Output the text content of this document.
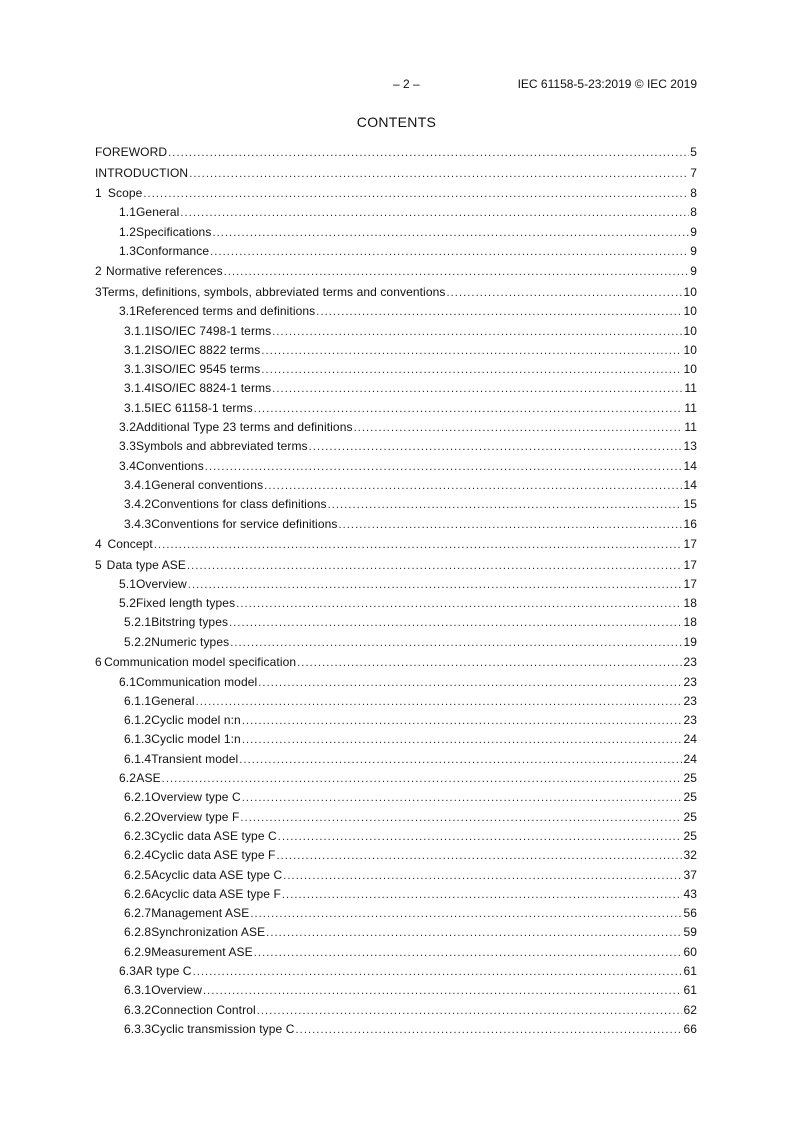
– 2 –	IEC 61158-5-23:2019 © IEC 2019
CONTENTS
FOREWORD .....	5
INTRODUCTION .....	7
1 Scope .....	8
1.1 General .....	8
1.2 Specifications .....	9
1.3 Conformance .....	9
2 Normative references .....	9
3 Terms, definitions, symbols, abbreviated terms and conventions .....	10
3.1 Referenced terms and definitions .....	10
3.1.1 ISO/IEC 7498-1 terms .....	10
3.1.2 ISO/IEC 8822 terms .....	10
3.1.3 ISO/IEC 9545 terms .....	10
3.1.4 ISO/IEC 8824-1 terms .....	11
3.1.5 IEC 61158-1 terms .....	11
3.2 Additional Type 23 terms and definitions .....	11
3.3 Symbols and abbreviated terms .....	13
3.4 Conventions .....	14
3.4.1 General conventions .....	14
3.4.2 Conventions for class definitions .....	15
3.4.3 Conventions for service definitions .....	16
4 Concept .....	17
5 Data type ASE .....	17
5.1 Overview .....	17
5.2 Fixed length types .....	18
5.2.1 Bitstring types .....	18
5.2.2 Numeric types .....	19
6 Communication model specification .....	23
6.1 Communication model .....	23
6.1.1 General .....	23
6.1.2 Cyclic model n:n .....	23
6.1.3 Cyclic model 1:n .....	24
6.1.4 Transient model .....	24
6.2 ASE .....	25
6.2.1 Overview type C .....	25
6.2.2 Overview type F .....	25
6.2.3 Cyclic data ASE type C .....	25
6.2.4 Cyclic data ASE type F .....	32
6.2.5 Acyclic data ASE type C .....	37
6.2.6 Acyclic data ASE type F .....	43
6.2.7 Management ASE .....	56
6.2.8 Synchronization ASE .....	59
6.2.9 Measurement ASE .....	60
6.3 AR type C .....	61
6.3.1 Overview .....	61
6.3.2 Connection Control .....	62
6.3.3 Cyclic transmission type C .....	66
